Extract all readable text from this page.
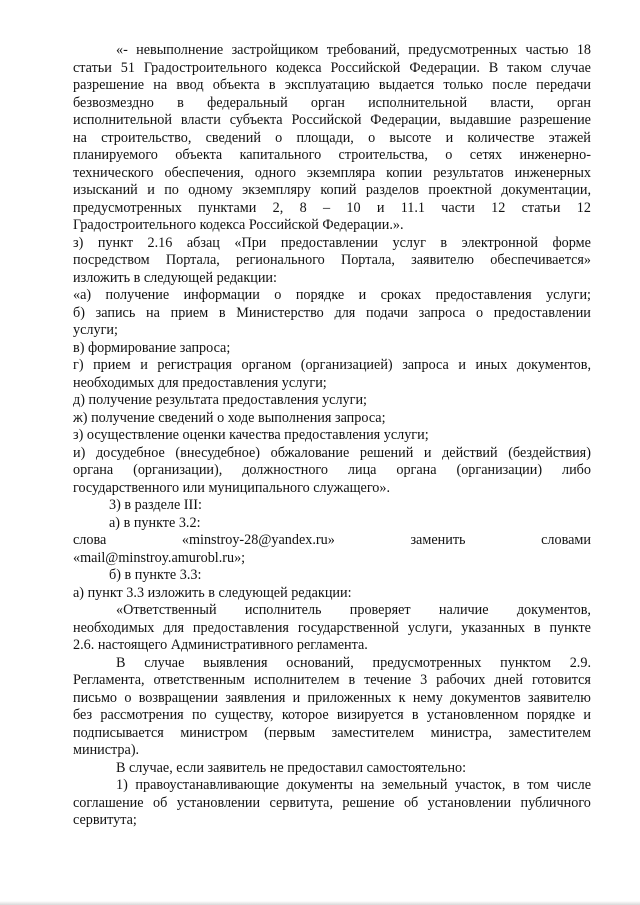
«- невыполнение застройщиком требований, предусмотренных частью 18
статьи 51 Градостроительного кодекса Российской Федерации. В таком случае
разрешение на ввод объекта в эксплуатацию выдается только после передачи
безвозмездно в федеральный орган исполнительной власти, орган
исполнительной власти субъекта Российской Федерации, выдавшие разрешение
на строительство, сведений о площади, о высоте и количестве этажей
планируемого объекта капитального строительства, о сетях инженерно-
технического обеспечения, одного экземпляра копии результатов инженерных
изысканий и по одному экземпляру копий разделов проектной документации,
предусмотренных пунктами 2, 8 – 10 и 11.1 части 12 статьи 12
Градостроительного кодекса Российской Федерации.».
з) пункт 2.16 абзац «При предоставлении услуг в электронной форме
посредством Портала, регионального Портала, заявителю обеспечивается»
изложить в следующей редакции:
«а) получение информации о порядке и сроках предоставления услуги;
б) запись на прием в Министерство для подачи запроса о предоставлении
услуги;
в) формирование запроса;
г) прием и регистрация органом (организацией) запроса и иных документов,
необходимых для предоставления услуги;
д) получение результата предоставления услуги;
ж) получение сведений о ходе выполнения запроса;
з) осуществление оценки качества предоставления услуги;
и) досудебное (внесудебное) обжалование решений и действий (бездействия)
органа (организации), должностного лица органа (организации) либо
государственного или муниципального служащего».
3) в разделе III:
а) в пункте 3.2:
слова	«minstroy-28@yandex.ru»	заменить	словами
«mail@minstroy.amurobl.ru»;
б) в пункте 3.3:
а) пункт 3.3 изложить в следующей редакции:
«Ответственный исполнитель проверяет наличие документов,
необходимых для предоставления государственной услуги, указанных в пункте
2.6. настоящего Административного регламента.
В случае выявления оснований, предусмотренных пунктом 2.9.
Регламента, ответственным исполнителем в течение 3 рабочих дней готовится
письмо о возвращении заявления и приложенных к нему документов заявителю
без рассмотрения по существу, которое визируется в установленном порядке и
подписывается министром (первым заместителем министра, заместителем
министра).
В случае, если заявитель не предоставил самостоятельно:
1) правоустанавливающие документы на земельный участок, в том числе
соглашение об установлении сервитута, решение об установлении публичного
сервитута;
